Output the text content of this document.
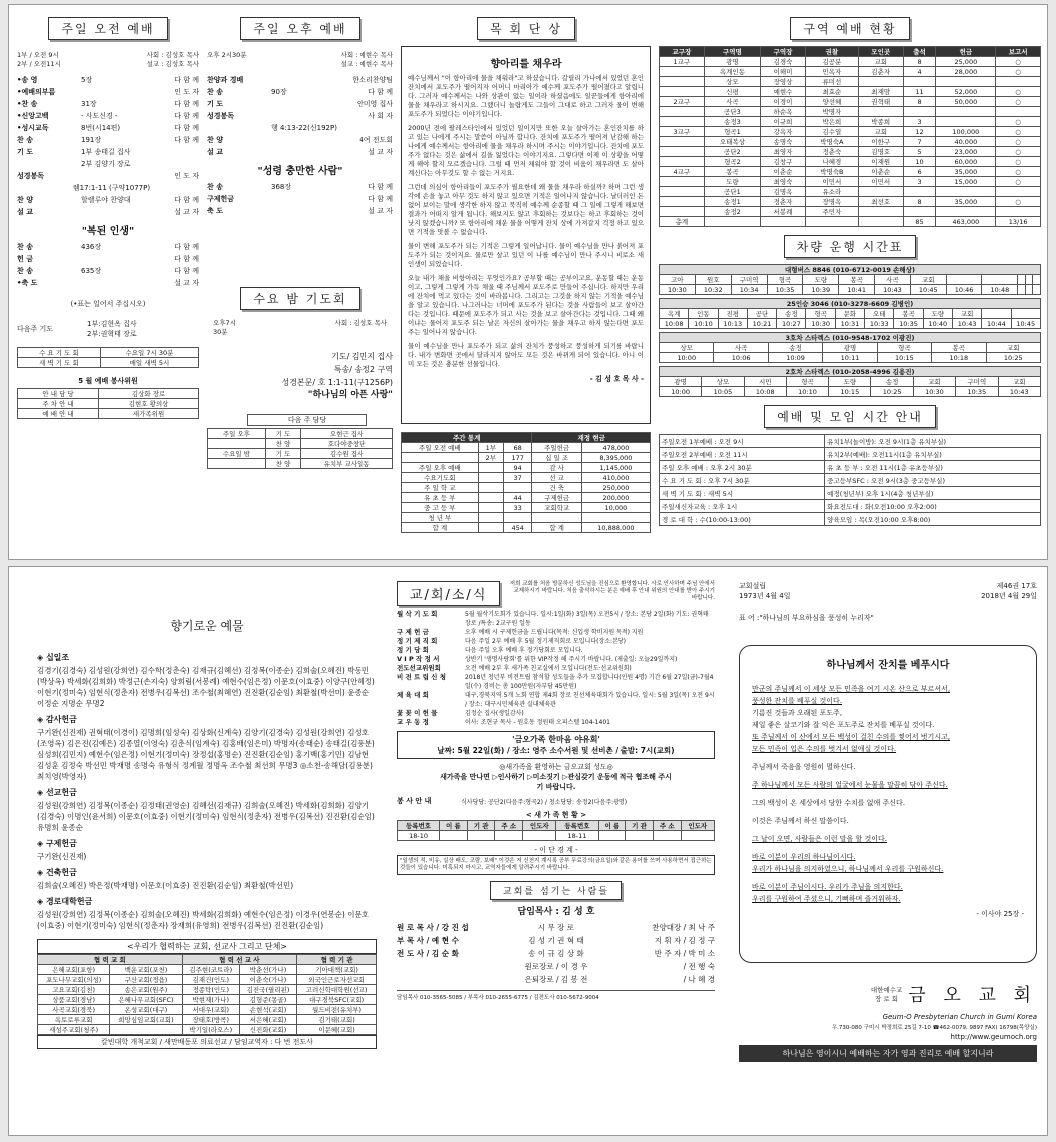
주일 오전 예배
1부 / 오전 9시
2부 / 오전11시
사회 : 김성호 목사
설교 : 김성호 목사
•송 영	5장	다 함 께
•예배의부름	인 도 자
•찬 송	31장	다 함 께
•신앙고백	- 사도신경 -	다 함 께
•성시교독	8번(시14편)	다 함 께
찬 송	191장	다 함 께
기 도	1부 송태길 집사
2부 김양기 장로
성경봉독	인 도 자
렘17:1-11 (구약1077P)
찬 양	할렐루야 찬양대	다 함 께
설 교	설 교 자
"복된 인생"
찬 송	436장	다 함 께
헌 금	다 함 께
찬 송	635장	다 함 께
•축 도	설 교 자
(•표는 일어서 주십시오)
다음주 기도
1부:김현옥 집사
2부:권혁태 장로
수 요 기 도 회	수요일 7시 30분
새 벽 기 도 회	매일 새벽 5시
5 월 예배 봉사위원
안 내 담 당	김상화 장로
주 차 안 내	김현호 황의상
예 배 안 내	새가족위원
주일 오후 예배
오후 2시30분	사회 : 예현수 목사
설교 : 예현수 목사
찬양과 경배	한소리찬양팀
찬 송	90장	다 함 께
기 도	안미영 집사
성경봉독	사 회 자
행 4:13-22(신192P)
찬 양	4여 전도회
설 교	설 교 자
"성령 충만한 사람"
찬 송	368장	다 함 께
구제헌금	다 함 께
축 도	설 교 자
수요 밤 기도회
오후7시
30분
사회 : 김성호 목사
기도/ 김민지 집사
특송/ 송정2 구역
성경본문/ 호 1:1-11(구1256P)
"하나님의 아픈 사랑"
다음 주 담당
주일 오후	기 도	오현근 집사
	찬 양	호다야중창단
수요일 밤	기 도	김수원 집사
	찬 양	유치부 교사일동
목 회 단 상
향아리를 채우라

예수님께서 "이 항아리에 물을 채워라"고 하셨습니다. 갈릴리 가나에서 있었던 혼인 잔치에서 포도주가 떨어지자 어머니 마리아가 예수께 포도주가 떨어졌다고 알립니다. 그러자 예수께서는 나와 상관이 없는 일이라 하셨음에도 일꾼들에게 항아리에 물을 채우라고 하시지요. 그랬더니 놀랍게도 그들이 그대로 하고 그러자 물이 변해 포도주가 되었다는 이야기입니다.

2000년 전에 팔레스타인에서 있었던 일이지만 또한 오늘 살아가는 혼인잔치를 하고 있는 나에게 주시는 말씀이 아닐까 합니다. 잔치에 포도주가 떨어져 난감해 하는 나에게 예수께서는 항아리에 물을 채우라 하시며 주시는 이야기입니다. 잔치에 포도주가 없다는 것은 삶에서 길을 잃었다는 이야기지요. 그렇다면 이제 이 상황을 어떻게 해야 할지 모르겠습니다. 그럴 때 먼저 채워야 할 것이 비움이 채우라면 도 살아계신다는 아무것도 할 수 없는 거지요.

그런데 의심이 항아리들이 포도주가 필요한데 왜 물을 채우라 하실까? 하며 그런 생각에 손을 놓고 아무 것도 하지 않고 있으면 기적은 일어나지 않습니다. 날더러인 돈 없어 보이는 말에 생각한 하지 않고 묵직히 예수께 순종할 때 그 일에 그렇게 해보면 결과가 어떠지 알게 됩니다. 해보지도 않고 후회하는 것보다는 하고 후회하는 것이 낫지 않겠습니까? 또 항아리에 채운 물을 어떻게 잔치 상에 가져갈지 걱정 하고 있으면 기적을 맛볼 수 없습니다.

물이 변해 포도주가 되는 기적은 그렇게 일어납니다. 물이 예수님을 만나 붉어져 포도주가 되는 것이지요. 물로만 살고 있던 이 나를 예수님이 만나 주시니 비로소 새 인생이 되었습니다.

오늘 내가 채울 비항아리는 무엇인가요? 공부할 때는 공부이고요, 운동할 때는 운동이고, 그렇게 그렇게 가득 채울 때 주님께서 포도주로 만들어 주십니다. 하지만 우리에 잔치에 먹고 있다는 것이 바라봅니다. 그리고는 그것을 하지 않는 기적을 예수님을 알고 있습니다. 나그러나는 너머에 포도주가 된다는 것을 사람들이 보고 살아간다는 것입니다. 때문에 포도주가 되고 사는 것을 보고 살아간다는 것입니다. 그때 왜 이냐는 물어지 포도주 되는 날은 자신의 살아가는 물을 채우고 하지 않는다면 포도주는 일어나지 않습니다.

물이 예수님을 만나 포도주가 되고 삶의 잔치가 풍성하고 풍성하게 되기를 바랍니다. 내가 변화면 곳에서 달라지지 않아도 모든 것은 바뀌게 되어 있습니다. 아니 이미 모든 것은 충분한 선물입니다.

- 김 성 호 목 사 -
주간 통계			재정 현금	
주일 오전 예배	1부	68	주일헌금	478,000
	2부	177	십 일 조	8,395,000
주일 오후 예배		94	감 사	1,145,000
수요기도회		37	선 교	410,000
주 일 학 교			건 축	250,000
유 초 등 부		44	구제헌금	200,000
중 고 등 부		33	교회학교	10,000
청 년 부				
합 계		454	합 계	10,888,000
구역 예배 현황
교구장	구역명	구역장	권찰	모인곳	출석	헌금	보고서
1교구	광명	김경숙	김공분	교회	8	25,000	○
	옥계인동	이해미	민옥자	김춘자	4	28,000	○
	상모	장영상	류미선				
	신평	예현수	최효순	최재맘	11	52,000	○
2교구	사곡	이경이	양선혜	권혁태	8	50,000	○
	공단3	하순옥	박명자				
	송정3	이규희	박은희	박종희	3		○
3교구	형곡1	강옥자	김수열	교회	12	100,000	○
	오태복상	송명숙	박명숙A	이한구	7	40,000	○
	공단2	최영자	정춘숙	김명호	5	23,000	○
	형곡2	김창구	나혜경	이재원	10	60,000	○
4교구	봉곡	이춘순	박명숙B	이춘순	6	35,000	○
	도량	최영숙	이민서	이민서	3	15,000	○
	공단1	김명옥	유소라				
	송정1	정춘자	장명옥	최선호	8	35,000	○
	송정2	서봉례	주민자				
총계					85	463,000	13/16
차량 운행 시간표
대형버스 8846 (010-6712-0019 손해상)												
고아	원호	구미역	형곡	도량	봉곡	사곡	교회					
10:30	10:32	10:34	10:35	10:39	10:41	10:43	10:45	10:46	10:48			
25인승 3046 (010-3278-6609 김병인)												
옥계	인동	진평	공단	송정	형곡	문화	오태	봉곡	도량	교회		
10:08	10:10	10:13	10:21	10:27	10:30	10:31	10:33	10:35	10:40	10:43	10:44	10:45
3호차 스타렉스 (010-9548-1702 이광진)						
상모	사곡	송정	광명	형곡	봉곡	교회
10:00	10:06	10:09	10:11	10:15	10:18	10:25
2호차 스타렉스 (010-2058-4996 김용진)								
광명	상모	시민	형곡	도량	송정	교회	구미역	교회
10:00	10:05	10:08	10:10	10:15	10:25	10:30	10:35	10:43
예배 및 모임 시간 안내
주일오전 1부예배 : 오전 9시	유치1부(놀이방): 오전 9시(1층 유치부실)
주일오전 2부예배 : 오전 11시	유치2부(예배): 오전11시(1층 유치부실)
주일 오후 예배 : 오후 2시 30분	유 초 등 부 : 오전 11시(1층 유초등부실)
수 요 기 도 회 : 오후 7시 30분	중고등부SFC : 오전 9시(3층 중고등부실)
새 벽 기 도 회 : 새벽 5시	예정(청년부) 오후 1시(4층 청년부실)
주일새신자교육 : 오후 1시	화요전도대 : 화(오전10:00 오후2:00)
경 로 대 학 : 수(10:00-13:00)	양육모임 : 목(오전10:00 오후8:00)
향기로운 예물
◈ 십일조
김경기(김경숙) 김성원(강희연) 김수학(정춘숙) 김재규(김혜선) 김정복(이종순) 김희술(오혜진) 박동민(박상옥) 박세화(김희화) 박정근(손지숙) 양희림(서봉례) 예현수(임은정) 이문호(이효중) 이양구(안혜정) 이현기(정미숙) 임현식(정춘자) 전병우(김복선) 조수철(최혜연) 진진환(김순임) 최환철(박선미) 윤종순 이정순 지명순 무명2
◈ 감사헌금
구기완(신진재) 권혁태(이경이) 김명희(임성숙) 김상화(신계숙) 김양기(김경숙) 김성원(강희연) 김성호(조영옥) 김은진(김예은) 김종열(이영숙) 김춘식(임계숙) 김홍배(임은미) 박명자(송태순) 송태길(김풍분) 심성희(김민지) 예현수(임은정) 이현기(정미숙) 장정섭(홍명순) 진진환(김순임) 홍기백(홍기민) 김남현 김성훈 김정숙 박선민 박재명 송명숙 유형식 정계월 정명옥 조수철 최선희 무명3 ◎소천-송해담(김용분) 최치영(박영자)
◈ 선교헌금
김성원(강희연) 김정복(이종순) 김정태(권영순) 김혜선(김재규) 김희술(오혜진) 박세화(김희화) 김양기(김경숙) 이명인(윤서희) 이문호(이효중) 이현기(정미숙) 임현식(정춘자) 전병우(김복선) 진진환(김순임) 유명희 윤종순
◈ 구제헌금
구기완(신진재)
◈ 건축헌금
김희술(오혜진) 박은정(박재명) 이문호(이효중) 진진환(김순임) 최환철(박선민)
◈ 경로대학헌금
김성원(강희연) 김정복(이종순) 김희술(오혜진) 박세화(김희화) 예현수(임은정) 이경우(연봉순) 이문호(이효중) 이현기(정미숙) 임현식(정춘자) 장재희(유영희) 전병우(김복선) 진진환(김순임)
<우리가 협력하는 교회, 선교사 그리고 단체>
협 력 교 회		협 력 선 교 사		협 력 기 관
은혜교회(포항)	백운교회(포천)	김주현(코트라)	박춘선(가나)	기아대책(교회)
포도나무교회(의성)	구산교회(정읍)	김재건(인도)	이춘숙(가나)	외국인근로자선교회
고요교회(김천)	송은교회(원주)	정종탁(인도)	김진국(필리핀)	고려신학대학원(선교)
상품교회(경남)	은혜나무교회(SFC)	박현재(가나)	김형준(몽골)	대구경북SFC(교회)
사곡교회(경북)	온성교회(대구)	서대우(교회)	손현석(교회)	월드비전(유치부)
옥토로루교회	희망심임교회(교회)	장태호(방콕)	서은혜(교회)	김기태(교회)
새성주교회(청주)		박기일(라오스)	신진화(교회)	이문혜(교회)
칼빈대학 개척교회 / 새만배동포 의료선교 / 담임교역자 : 다 번 전도사
교/회/소/식
저희 교회를 처음 방문하신 성도님을 진심으로 환영합니다. 사로 인사하며 주님 안에서 교제하시기 바랍니다. 처음 출석하시는 분은 예배 후 안내 위원의 안내를 받아 주시기 바랍니다.
월 삭 기 도 회	5월 월삭기도회가 있습니다. 일시:1일(화) 3일(목) 오전5시 / 장소: 본당 2일(화) 기도: 권혁태 장로 /특송: 2교구원 일동
구 제 헌 금	오후 예배 시 구제헌금을 드립니다(목적: 신입생 학비지원 목적) 지원
정 기 제 직 회	다음 주일 2부 예배 후 5월 정기제직회로 모입니다(장소:본당)
정 기 당 회	다음 주일 오후 예배 후 정기당회로 모입니다.
V I P 작 정 서	상반기 '생명사랑회'를 위한 VIP작정 해 주시기 바랍니다. (제출일: 오늘29일까지)
전도선교위원회	오전 예배 2부 후 새가족 친교실에서 모입니다(전도·선교위원회)
비 전 트 립 신 청	2018년 청년부 비전트립 참석할 성도들을 추가 모집합니다(인원 4명) 기간 6월 27일(금)-7월4일(수) 경비는 총 100만원(자부담 45만원)
체 육 대 회	대구,경북지역 5개 노회 연합 제4회 장로 친선체육대회가 있습니다. 일시: 5월 3일(목) 오전 9시 / 장소: 대구시민체육관 실내체육관
꽃 꽂 이 헌 물	김정순 집사(생일감사)
교 우 동 정	이사: 조현규 목사 - 원호동 정원태 오피스텔 104-1401
'금오가족 한마음 야유회'
날짜: 5월 22일(화) / 장소: 영주 소수서원 및 선비촌 / 출발: 7시(교회)
◎새가족을 환영하는 금오교회 성도◎
새가족을 만나면 ▷인사하기 ▷미소짓기 ▷관심갖기 운동에 적극 협조해 주시기 바랍니다.
봉 사 안 내	식사당당: 공단2(다음주:형곡2) / 청소당당: 송정2(다음주:광명)
< 새 가 족 현 황 >
등록번호	이 름	기 관	주 소	인도자	등록번호	이 름	기 관	주 소	인도자
18-10					18-11				
- 이 단 경 계 -
"일생의 적, 비유, 실상 배도, 코람, 보배" 이것은 저 신천지 계시록 공부 무료강의(금요일)와 같은 용어를 쓰며 사용하면서 접근하는 것들이 있습니다. 미혹되지 마시고, 교역자들에게 알려주시기 바랍니다.
교회를 섬기는 사람들
담임목사 : 김 성 호
원 로 목 사 / 강 진 섭	시 무 장 로	찬양대장 / 최 낙 주
부 목 사 / 예 현 수	김 성 기 권 혁 태	지 휘 자 / 김 정 구
전 도 사 / 김 순 화	송 이 규 김 상 화	반 주 자 / 박 미 소
원로장로 / 이 경 우	/ 전 행 숙
은퇴장로 / 김 봉 전	/ 나 혜 경
담임목사 010-3565-5085 / 부목사 010-2655-6775 / 김전도사 010-5672-9004
교회설립
1973년 4월 4일
제46권 17호
2018년 4월 29일
표 어 :"하나님의 부요하심을 풍성히 누리자"
하나님께서 잔치를 베푸시다
만군의 주님께서 이 세상 모든 민족을 여기 시온 산으로 부르셔서,
풍성한 잔치를 베푸실 것이다.
기름진 것들과 오래된 포도주,
제일 좋은 살코기와 잘 익은 포도주로 잔치를 베푸실 것이다.
또 주님께서 이 산에서 모든 백성이 걸친 수의를 찢어서 벗기시고,
모든 민족이 입은 수의를 벗겨서 없애실 것이다.
주님께서 죽음을 영원히 멸하신다.
주 하나님께서 모든 사람의 얼굴에서 눈물을 말끔히 닦아 주신다.
그의 백성이 온 세상에서 당한 수치를 없애 주신다.
이것은 주님께서 하신 말씀이다.
그 날이 오면, 사람들은 이런 말을 할 것이다.
바로 이분이 우리의 하나님이시다.
우리가 하나님을 의지하였으니, 하나님께서 우리를 구원하신다.
바로 이분이 주님이시다. 우리가 주님을 의지한다.
우리를 구원하여 주셨으니, 기뻐하며 즐거워하자.
- 이사야 25장 -
대한예수교
장 로 회 금 오 교 회
Geum-O Presbyterian Church in Gumi Korea
우.730-080 구미시 박정희로 25길 7-10 ☎462-0079, 9897 FAX) 16798(목양실)
http://www.geumoch.org
하나님은 영이시니 예배하는 자가 영과 진리로 예배 할지니라
